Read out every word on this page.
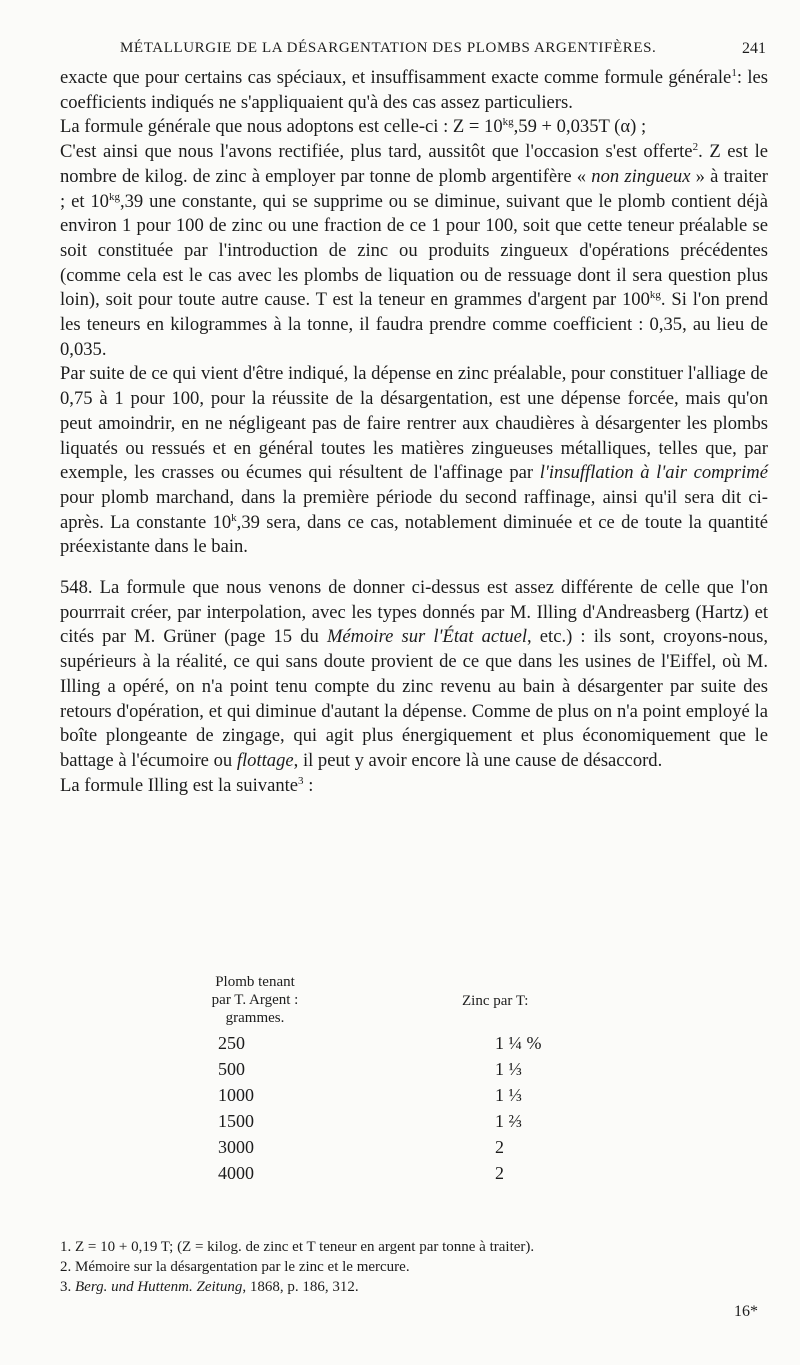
MÉTALLURGIE DE LA DÉSARGENTATION DES PLOMBS ARGENTIFÈRES.	241

exacte que pour certains cas spéciaux, et insuffisamment exacte comme formule générale$^1$: les coefficients indiqués ne s'appliquaient qu'à des cas assez particuliers.

La formule générale que nous adoptons est celle-ci : $Z = 10^{kg},59 + 0,035T$ (α) ;

C'est ainsi que nous l'avons rectifiée, plus tard, aussitôt que l'occasion s'est offerte$^2$. Z est le nombre de kilog. de zinc à employer par tonne de plomb argentifère « non zingueux » à traiter ; et $10^{kg},39$ une constante, qui se supprime ou se diminue, suivant que le plomb contient déjà environ 1 pour 100 de zinc ou une fraction de ce 1 pour 100, soit que cette teneur préalable se soit constituée par l'introduction de zinc ou produits zingueux d'opérations précédentes (comme cela est le cas avec les plombs de liquation ou de ressuage dont il sera question plus loin), soit pour toute autre cause. T est la teneur en grammes d'argent par $100^{kg}$. Si l'on prend les teneurs en kilogrammes à la tonne, il faudra prendre comme coefficient : 0,35, au lieu de 0,035.

Par suite de ce qui vient d'être indiqué, la dépense en zinc préalable, pour constituer l'alliage de 0,75 à 1 pour 100, pour la réussite de la désargentation, est une dépense forcée, mais qu'on peut amoindrir, en ne négligeant pas de faire rentrer aux chaudières à désargenter les plombs liquatés ou ressués et en général toutes les matières zingueuses métalliques, telles que, par exemple, les crasses ou écumes qui résultent de l'affinage par l'insufflation à l'air comprimé pour plomb marchand, dans la première période du second raffinage, ainsi qu'il sera dit ci-après. La constante 10$^k$,39 sera, dans ce cas, notablement diminuée et ce de toute la quantité préexistante dans le bain.

548. La formule que nous venons de donner ci-dessus est assez différente de celle que l'on pourrrait créer, par interpolation, avec les types donnés par M. Illing d'Andreasberg (Hartz) et cités par M. Grüner (page 15 du Mémoire sur l'État actuel, etc.) : ils sont, croyons-nous, supérieurs à la réalité, ce qui sans doute provient de ce que dans les usines de l'Eiffel, où M. Illing a opéré, on n'a point tenu compte du zinc revenu au bain à désargenter par suite des retours d'opération, et qui diminue d'autant la dépense. Comme de plus on n'a point employé la boîte plongeante de zingage, qui agit plus énergiquement et plus économiquement que le battage à l'écumoire ou flottage, il peut y avoir encore là une cause de désaccord.

La formule Illing est la suivante$^3$ :

Plomb tenant
par T. Argent :
grammes.
Zinc par T:
250	1 ¼ %
500	1 ⅓
1000	1 ⅓
1500	1 ⅔
3000	2
4000	2
1. Z = 10 + 0,19 T; (Z = kilog. de zinc et T teneur en argent par tonne à traiter).
2. Mémoire sur la désargentation par le zinc et le mercure.
3. Berg. und Huttenm. Zeitung, 1868, p. 186, 312.
16*
